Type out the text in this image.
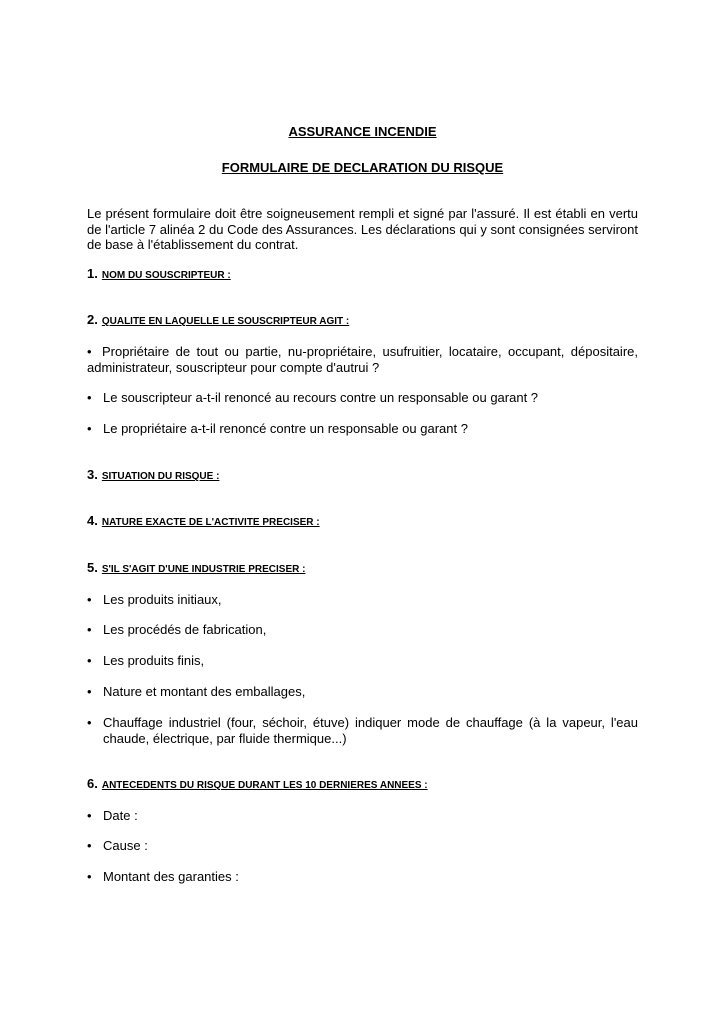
ASSURANCE INCENDIE
FORMULAIRE DE DECLARATION DU RISQUE
Le présent formulaire doit être soigneusement rempli et signé par l'assuré. Il est établi en vertu de l'article 7 alinéa 2 du Code des Assurances. Les déclarations qui y sont consignées serviront de base à l'établissement du contrat.
1. NOM DU SOUSCRIPTEUR :
2. QUALITE EN LAQUELLE LE SOUSCRIPTEUR AGIT :
• Propriétaire de tout ou partie, nu-propriétaire, usufruitier, locataire, occupant, dépositaire, administrateur, souscripteur pour compte d'autrui ?
• Le souscripteur a-t-il renoncé au recours contre un responsable ou garant ?
• Le propriétaire a-t-il renoncé contre un responsable ou garant ?
3. SITUATION DU RISQUE :
4. NATURE EXACTE DE L'ACTIVITE PRECISER :
5. S'IL S'AGIT D'UNE INDUSTRIE PRECISER :
• Les produits initiaux,
• Les procédés de fabrication,
• Les produits finis,
• Nature et montant des emballages,
• Chauffage industriel (four, séchoir, étuve) indiquer mode de chauffage (à la vapeur, l'eau chaude, électrique, par fluide thermique...)
6. ANTECEDENTS DU RISQUE DURANT LES 10 DERNIERES ANNEES :
• Date :
• Cause :
• Montant des garanties :
